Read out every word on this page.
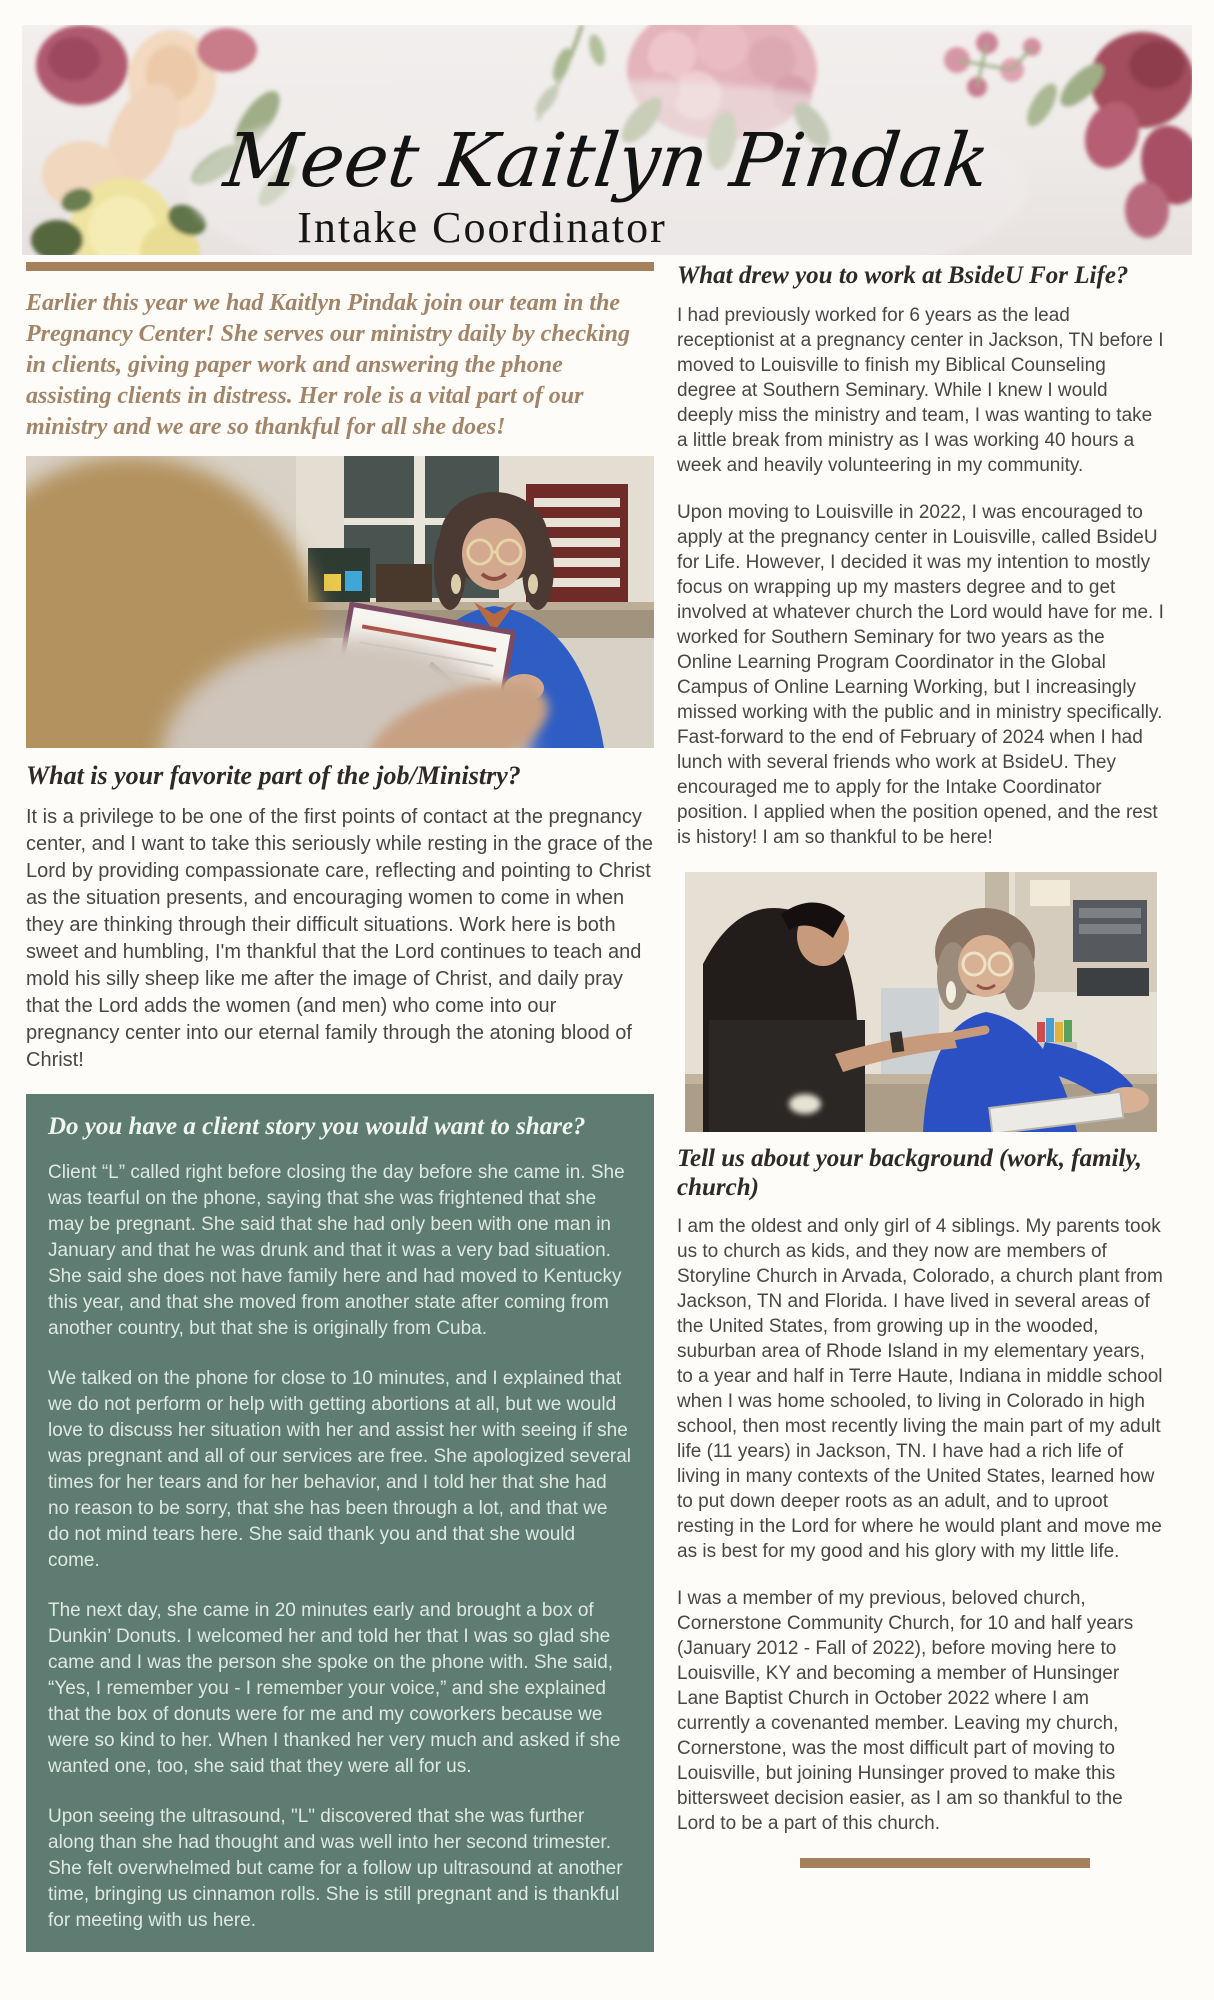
Meet Kaitlyn Pindak
Intake Coordinator

Earlier this year we had Kaitlyn Pindak join our team in the Pregnancy Center! She serves our ministry daily by checking in clients, giving paper work and answering the phone assisting clients in distress. Her role is a vital part of our ministry and we are so thankful for all she does!

What is your favorite part of the job/Ministry?

It is a privilege to be one of the first points of contact at the pregnancy center, and I want to take this seriously while resting in the grace of the Lord by providing compassionate care, reflecting and pointing to Christ as the situation presents, and encouraging women to come in when they are thinking through their difficult situations. Work here is both sweet and humbling, I'm thankful that the Lord continues to teach and mold his silly sheep like me after the image of Christ, and daily pray that the Lord adds the women (and men) who come into our pregnancy center into our eternal family through the atoning blood of Christ!

Do you have a client story you would want to share?

Client “L” called right before closing the day before she came in. She was tearful on the phone, saying that she was frightened that she may be pregnant. She said that she had only been with one man in January and that he was drunk and that it was a very bad situation. She said she does not have family here and had moved to Kentucky this year, and that she moved from another state after coming from another country, but that she is originally from Cuba.

We talked on the phone for close to 10 minutes, and I explained that we do not perform or help with getting abortions at all, but we would love to discuss her situation with her and assist her with seeing if she was pregnant and all of our services are free. She apologized several times for her tears and for her behavior, and I told her that she had no reason to be sorry, that she has been through a lot, and that we do not mind tears here. She said thank you and that she would come.

The next day, she came in 20 minutes early and brought a box of Dunkin’ Donuts. I welcomed her and told her that I was so glad she came and I was the person she spoke on the phone with. She said, “Yes, I remember you - I remember your voice,” and she explained that the box of donuts were for me and my coworkers because we were so kind to her. When I thanked her very much and asked if she wanted one, too, she said that they were all for us.

Upon seeing the ultrasound, "L" discovered that she was further along than she had thought and was well into her second trimester. She felt overwhelmed but came for a follow up ultrasound at another time, bringing us cinnamon rolls. She is still pregnant and is thankful for meeting with us here.

What drew you to work at BsideU For Life?

I had previously worked for 6 years as the lead receptionist at a pregnancy center in Jackson, TN before I moved to Louisville to finish my Biblical Counseling degree at Southern Seminary. While I knew I would deeply miss the ministry and team, I was wanting to take a little break from ministry as I was working 40 hours a week and heavily volunteering in my community.

Upon moving to Louisville in 2022, I was encouraged to apply at the pregnancy center in Louisville, called BsideU for Life. However, I decided it was my intention to mostly focus on wrapping up my masters degree and to get involved at whatever church the Lord would have for me. I worked for Southern Seminary for two years as the Online Learning Program Coordinator in the Global Campus of Online Learning Working, but I increasingly missed working with the public and in ministry specifically. Fast-forward to the end of February of 2024 when I had lunch with several friends who work at BsideU. They encouraged me to apply for the Intake Coordinator position. I applied when the position opened, and the rest is history! I am so thankful to be here!

Tell us about your background (work, family, church)

I am the oldest and only girl of 4 siblings. My parents took us to church as kids, and they now are members of Storyline Church in Arvada, Colorado, a church plant from Jackson, TN and Florida. I have lived in several areas of the United States, from growing up in the wooded, suburban area of Rhode Island in my elementary years, to a year and half in Terre Haute, Indiana in middle school when I was home schooled, to living in Colorado in high school, then most recently living the main part of my adult life (11 years) in Jackson, TN. I have had a rich life of living in many contexts of the United States, learned how to put down deeper roots as an adult, and to uproot resting in the Lord for where he would plant and move me as is best for my good and his glory with my little life.

I was a member of my previous, beloved church, Cornerstone Community Church, for 10 and half years (January 2012 - Fall of 2022), before moving here to Louisville, KY and becoming a member of Hunsinger Lane Baptist Church in October 2022 where I am currently a covenanted member. Leaving my church, Cornerstone, was the most difficult part of moving to Louisville, but joining Hunsinger proved to make this bittersweet decision easier, as I am so thankful to the Lord to be a part of this church.
